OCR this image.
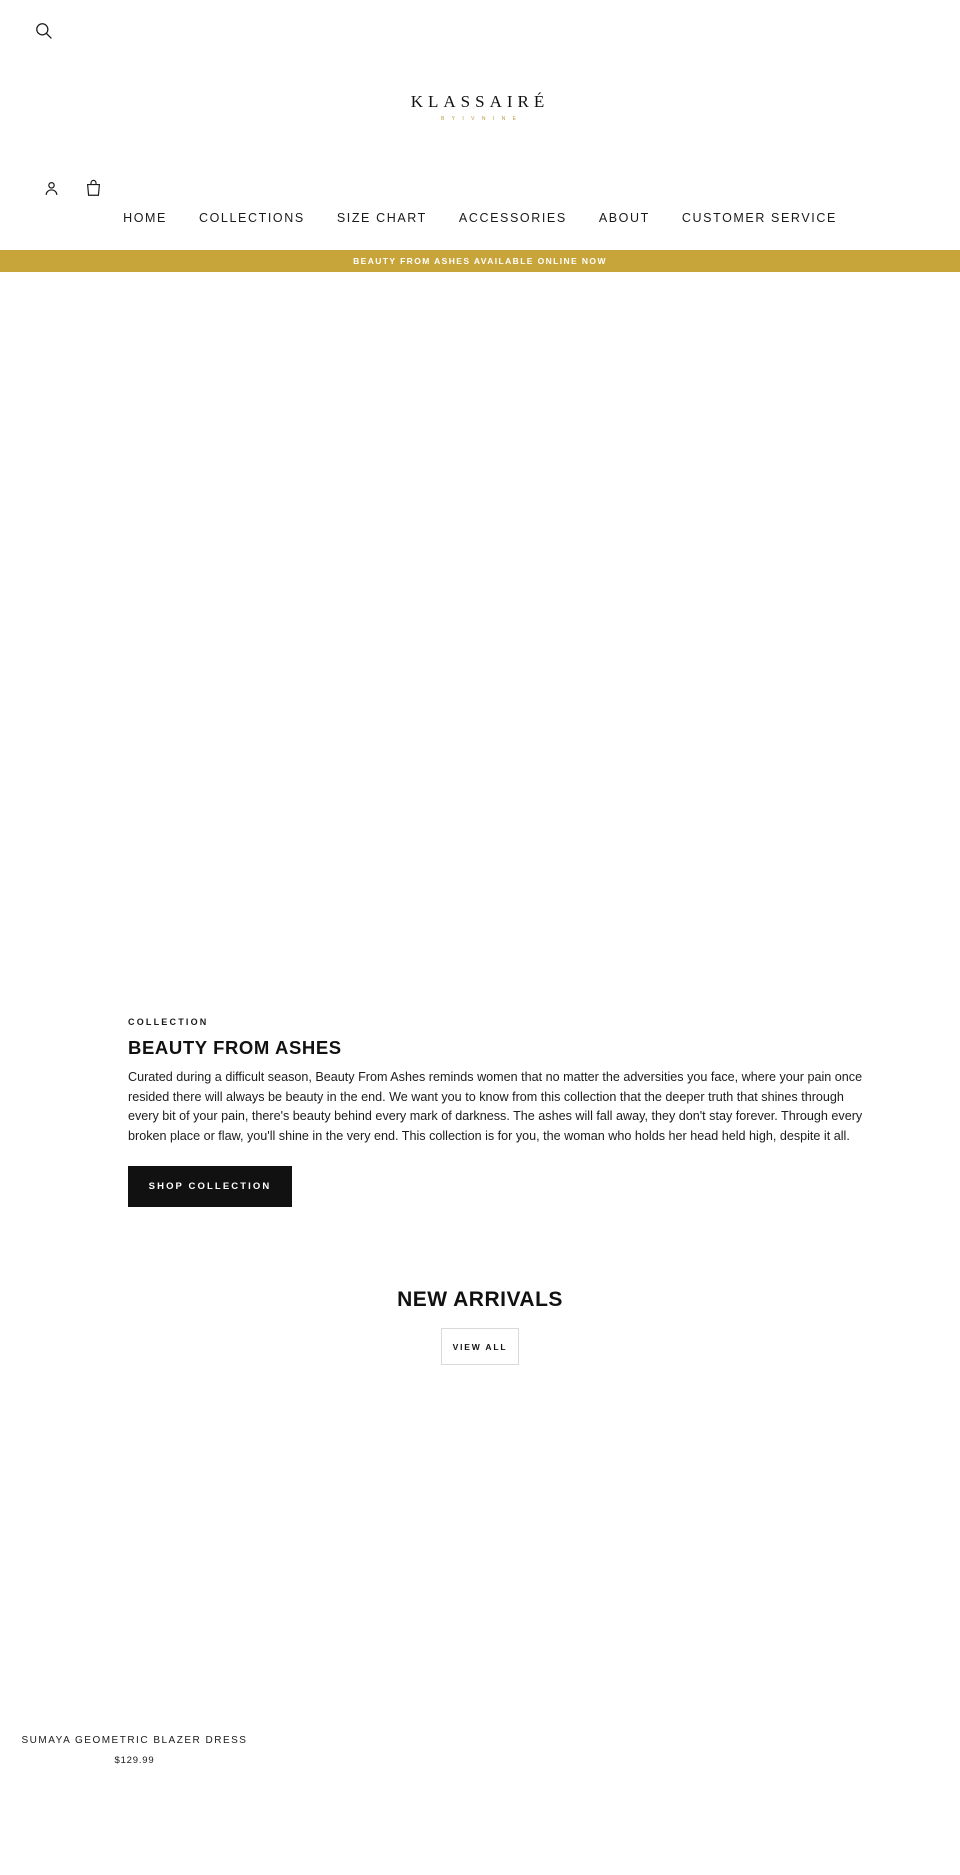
KLASSAIRÉ
B Y I V N I N E
HOME	COLLECTIONS	SIZE CHART	ACCESSORIES	ABOUT	CUSTOMER SERVICE
BEAUTY FROM ASHES AVAILABLE ONLINE NOW

COLLECTION

BEAUTY FROM ASHES

Curated during a difficult season, Beauty From Ashes reminds women that no matter the adversities you face, where your pain once resided there will always be beauty in the end. We want you to know from this collection that the deeper truth that shines through every bit of your pain, there's beauty behind every mark of darkness. The ashes will fall away, they don't stay forever. Through every broken place or flaw, you'll shine in the very end. This collection is for you, the woman who holds her head held high, despite it all.

SHOP COLLECTION
NEW ARRIVALS
VIEW ALL

SUMAYA GEOMETRIC BLAZER DRESS

$129.99
